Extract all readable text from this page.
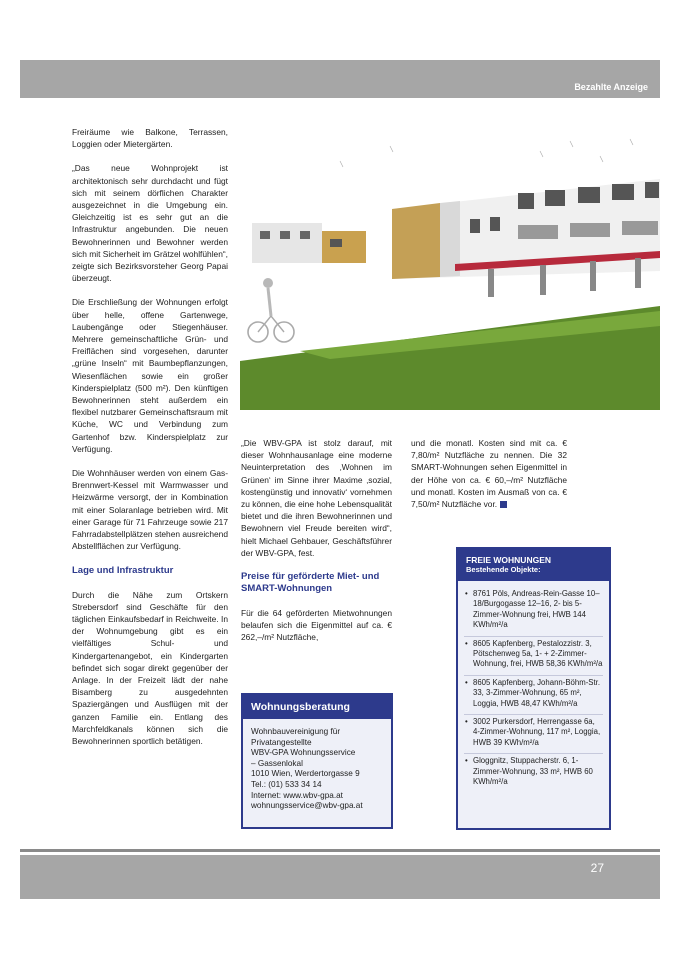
Bezahlte Anzeige

Freiräume wie Balkone, Terrassen, Loggien oder Mietergärten.

„Das neue Wohnprojekt ist architektonisch sehr durchdacht und fügt sich mit seinem dörflichen Charakter ausgezeichnet in die Umgebung ein. Gleichzeitig ist es sehr gut an die Infrastruktur angebunden. Die neuen Bewohnerinnen und Bewohner werden sich mit Sicherheit im Grätzel wohlfühlen“, zeigte sich Bezirksvorsteher Georg Papai überzeugt.

Die Erschließung der Wohnungen erfolgt über helle, offene Gartenwege, Laubengänge oder Stiegenhäuser. Mehrere gemeinschaftliche Grün- und Freiflächen sind vorgesehen, darunter „grüne Inseln“ mit Baumbepflanzungen, Wiesenflächen sowie ein großer Kinderspielplatz (500 m²). Den künftigen Bewohnerinnen steht außerdem ein flexibel nutzbarer Gemeinschaftsraum mit Küche, WC und Verbindung zum Gartenhof bzw. Kinderspielplatz zur Verfügung.

Die Wohnhäuser werden von einem Gas-Brennwert-Kessel mit Warmwasser und Heizwärme versorgt, der in Kombination mit einer Solaranlage betrieben wird. Mit einer Garage für 71 Fahrzeuge sowie 217 Fahrradabstellplätzen stehen ausreichend Abstellflächen zur Verfügung.

Lage und Infrastruktur

Durch die Nähe zum Ortskern Strebersdorf sind Geschäfte für den täglichen Einkaufsbedarf in Reichweite. In der Wohnumgebung gibt es ein vielfältiges Schul- und Kindergartenangebot, ein Kindergarten befindet sich sogar direkt gegenüber der Anlage. In der Freizeit lädt der nahe Bisamberg zu ausgedehnten Spaziergängen und Ausflügen mit der ganzen Familie ein. Entlang des Marchfeldkanals können sich die Bewohnerinnen sportlich betätigen.

„Die WBV-GPA ist stolz darauf, mit dieser Wohnhausanlage eine moderne Neuinterpretation des ‚Wohnen im Grünen‘ im Sinne ihrer Maxime ‚sozial, kostengünstig und innovativ‘ vornehmen zu können, die eine hohe Lebensqualität bietet und die ihren Bewohnerinnen und Bewohnern viel Freude bereiten wird“, hielt Michael Gehbauer, Geschäftsführer der WBV-GPA, fest.

Preise für geförderte Miet- und SMART-Wohnungen

Für die 64 geförderten Mietwohnungen belaufen sich die Eigenmittel auf ca. € 262,–/m² Nutzfläche,

und die monatl. Kosten sind mit ca. € 7,80/m² Nutzfläche zu nennen. Die 32 SMART-Wohnungen sehen Eigenmittel in der Höhe von ca. € 60,–/m² Nutzfläche und monatl. Kosten im Ausmaß von ca. € 7,50/m² Nutzfläche vor.

Wohnungsberatung
Wohnbauvereinigung für
Privatangestellte
WBV-GPA Wohnungsservice
– Gassenlokal
1010 Wien, Werdertorgasse 9
Tel.: (01) 533 34 14
Internet: www.wbv-gpa.at
wohnungsservice@wbv-gpa.at
FREIE WOHNUNGEN
Bestehende Objekte:
• 8761 Pöls, Andreas-Rein-Gasse 10–18/Burgogasse 12–16, 2- bis 5-Zimmer-Wohnung frei, HWB 144 KWh/m²/a
• 8605 Kapfenberg, Pestalozzistr. 3, Pötschenweg 5a, 1- + 2-Zimmer-Wohnung, frei, HWB 58,36 KWh/m²/a
• 8605 Kapfenberg, Johann-Böhm-Str. 33, 3-Zimmer-Wohnung, 65 m², Loggia, HWB 48,47 KWh/m²/a
• 3002 Purkersdorf, Herrengasse 6a, 4-Zimmer-Wohnung, 117 m², Loggia, HWB 39 KWh/m²/a
• Gloggnitz, Stuppacherstr. 6, 1-Zimmer-Wohnung, 33 m², HWB 60 KWh/m²/a
27
